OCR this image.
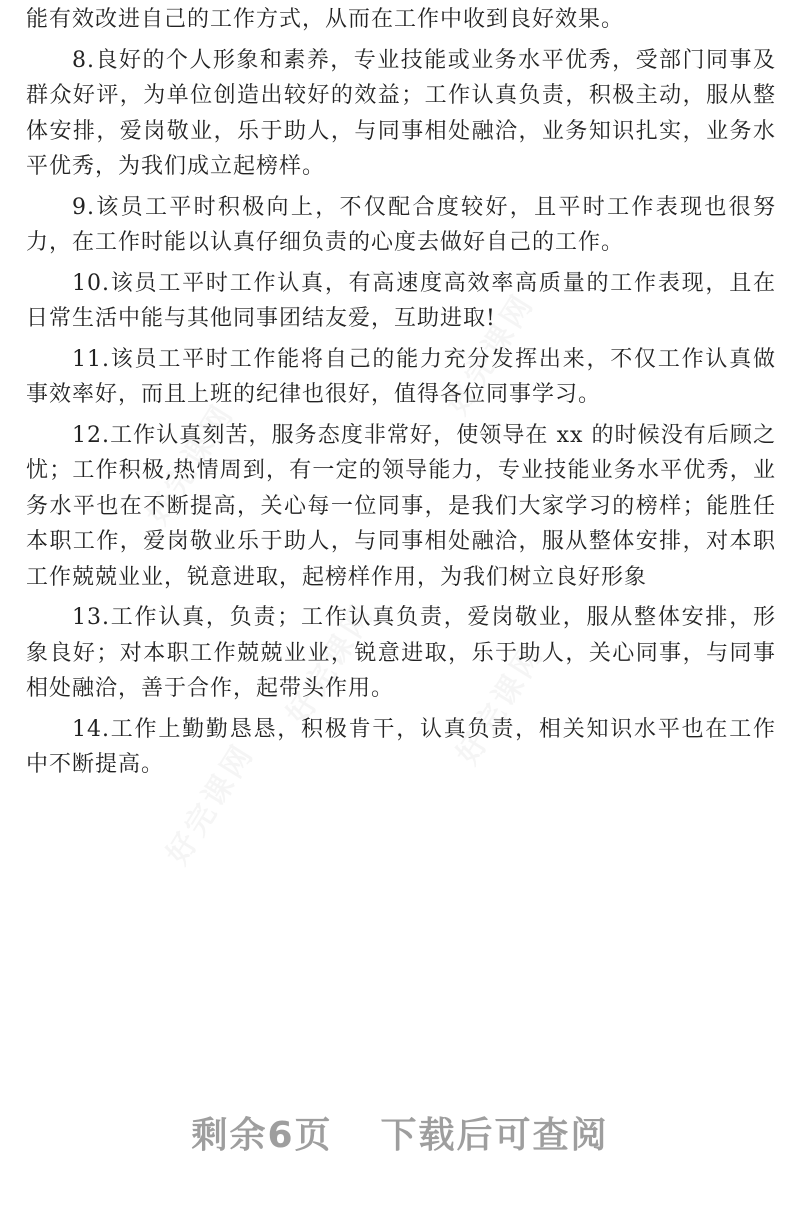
好完课网
好完课网
好完课网
好完课网
好完课网

能有效改进自己的工作方式，从而在工作中收到良好效果。

8.良好的个人形象和素养，专业技能或业务水平优秀，受部门同事及群众好评，为单位创造出较好的效益；工作认真负责，积极主动，服从整体安排，爱岗敬业，乐于助人，与同事相处融洽，业务知识扎实，业务水平优秀，为我们成立起榜样。

9.该员工平时积极向上，不仅配合度较好，且平时工作表现也很努力，在工作时能以认真仔细负责的心度去做好自己的工作。

10.该员工平时工作认真，有高速度高效率高质量的工作表现，且在日常生活中能与其他同事团结友爱，互助进取!

11.该员工平时工作能将自己的能力充分发挥出来，不仅工作认真做事效率好，而且上班的纪律也很好，值得各位同事学习。

12.工作认真刻苦，服务态度非常好，使领导在 xx 的时候没有后顾之忧；工作积极,热情周到，有一定的领导能力，专业技能业务水平优秀，业务水平也在不断提高，关心每一位同事，是我们大家学习的榜样；能胜任本职工作，爱岗敬业乐于助人，与同事相处融洽，服从整体安排，对本职工作兢兢业业，锐意进取，起榜样作用，为我们树立良好形象

13.工作认真，负责；工作认真负责，爱岗敬业，服从整体安排，形象良好；对本职工作兢兢业业，锐意进取，乐于助人，关心同事，与同事相处融洽，善于合作，起带头作用。

14.工作上勤勤恳恳，积极肯干，认真负责，相关知识水平也在工作中不断提高。

剩余6页 下载后可查阅
